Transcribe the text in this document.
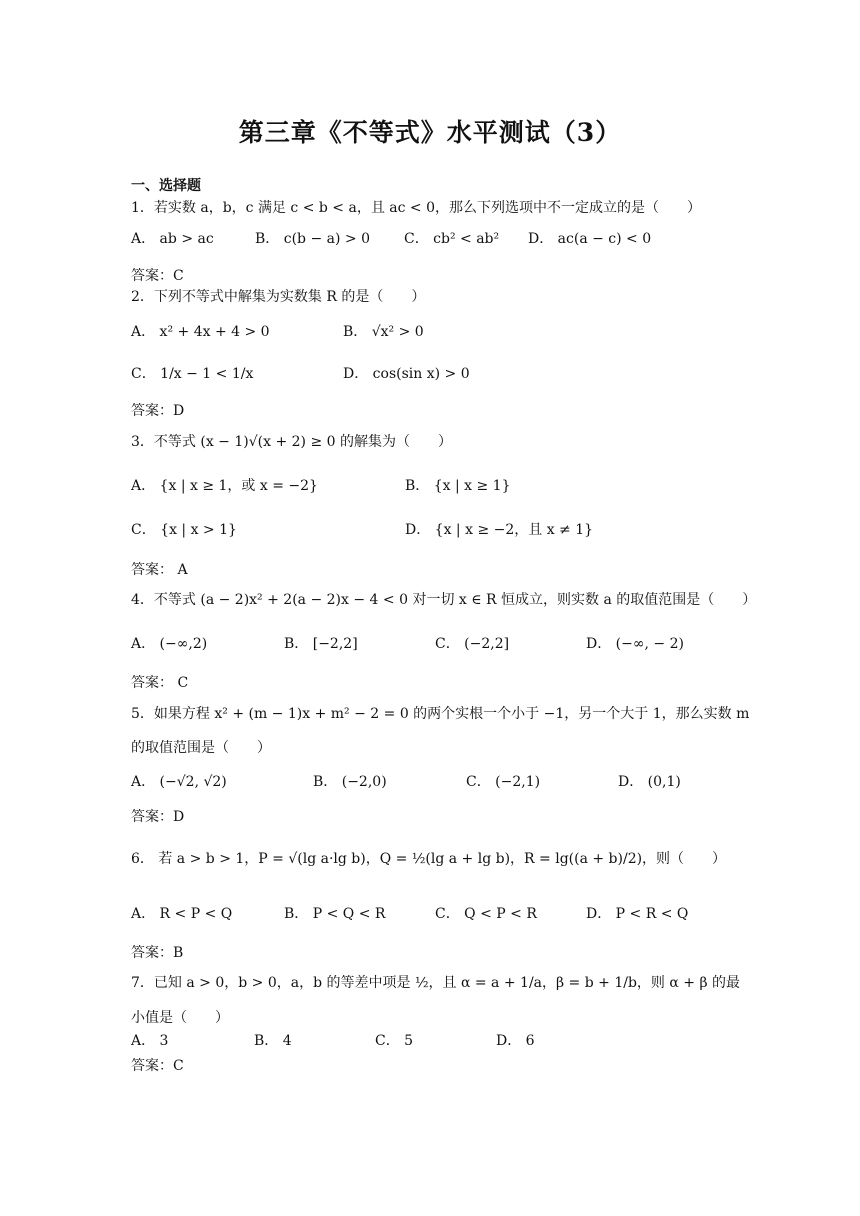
第三章《不等式》水平测试（3）
一、选择题
1．若实数 a，b，c 满足 c < b < a，且 ac < 0，那么下列选项中不一定成立的是（　　）
A． ab > ac	B． c(b − a) > 0 C． cb² < ab² D． ac(a − c) < 0
答案：C
2．下列不等式中解集为实数集 R 的是（　　）
A． x² + 4x + 4 > 0	B． √x² > 0
C． 1/x − 1 < 1/x	D． cos(sin x) > 0
答案：D
3．不等式 (x − 1)√(x + 2) ≥ 0 的解集为（　　）
A． {x | x ≥ 1，或 x = −2}	B． {x | x ≥ 1}
C． {x | x > 1}	D． {x | x ≥ −2，且 x ≠ 1}
答案： A
4．不等式 (a − 2)x² + 2(a − 2)x − 4 < 0 对一切 x ∈ R 恒成立，则实数 a 的取值范围是（　　）
A． (−∞,2)	B． [−2,2]	C． (−2,2]	D． (−∞, − 2)
答案： C
5．如果方程 x² + (m − 1)x + m² − 2 = 0 的两个实根一个小于 −1，另一个大于 1，那么实数 m
的取值范围是（　　）
A． (−√2, √2)	B． (−2,0)	C． (−2,1)	D． (0,1)
答案：D
6． 若 a > b > 1，P = √(lg a·lg b)，Q = ½(lg a + lg b)，R = lg((a + b)/2)，则（　　）
A． R < P < Q	B． P < Q < R	C． Q < P < R	D． P < R < Q
答案：B
7．已知 a > 0，b > 0，a，b 的等差中项是 ½，且 α = a + 1/a，β = b + 1/b，则 α + β 的最
小值是（　　）
A． 3	B． 4	C． 5	D． 6
答案：C
